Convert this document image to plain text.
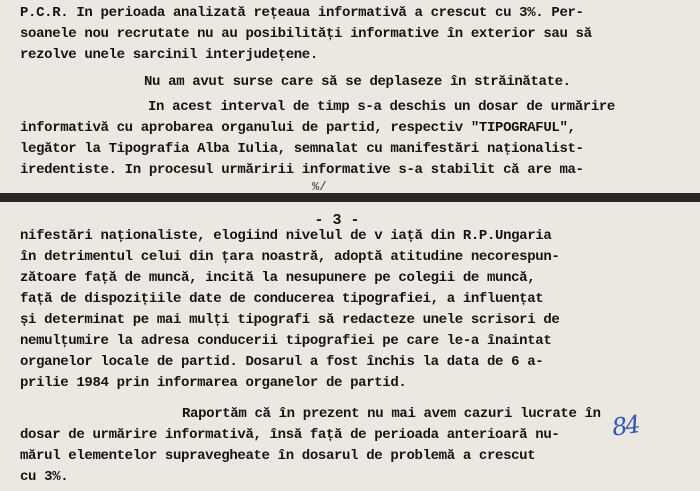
P.C.R. In perioada analizată rețeaua informativă a crescut cu 3%. Per-
soanele nou recrutate nu au posibilități informative în exterior sau să
rezolve unele sarcinil interjudețene.
Nu am avut surse care să se deplaseze în străinătate.
In acest interval de timp s-a deschis un dosar de urmărire
informativă cu aprobarea organului de partid, respectiv "TIPOGRAFUL",
legător la Tipografia Alba Iulia, semnalat cu manifestări naționalist-
iredentiste. In procesul urmăririi informative s-a stabilit că are ma-
%/
- 3 -
84
nifestări naționaliste, elogiind nivelul de v iață din R.P.Ungaria
în detrimentul celui din țara noastră, adoptă atitudine necorespun-
zătoare față de muncă, incită la nesupunere pe colegii de muncă,
față de dispozițiile date de conducerea tipografiei, a influențat
și determinat pe mai mulți tipografi să redacteze unele scrisori de
nemulțumire la adresa conducerii tipografiei pe care le-a înaintat
organelor locale de partid. Dosarul a fost închis la data de 6 a-
prilie 1984 prin informarea organelor de partid.
Raportăm că în prezent nu mai avem cazuri lucrate în
dosar de urmărire informativă, însă față de perioada anterioară nu-
mărul elementelor supravegheate în dosarul de problemă a crescut
cu 3%.
